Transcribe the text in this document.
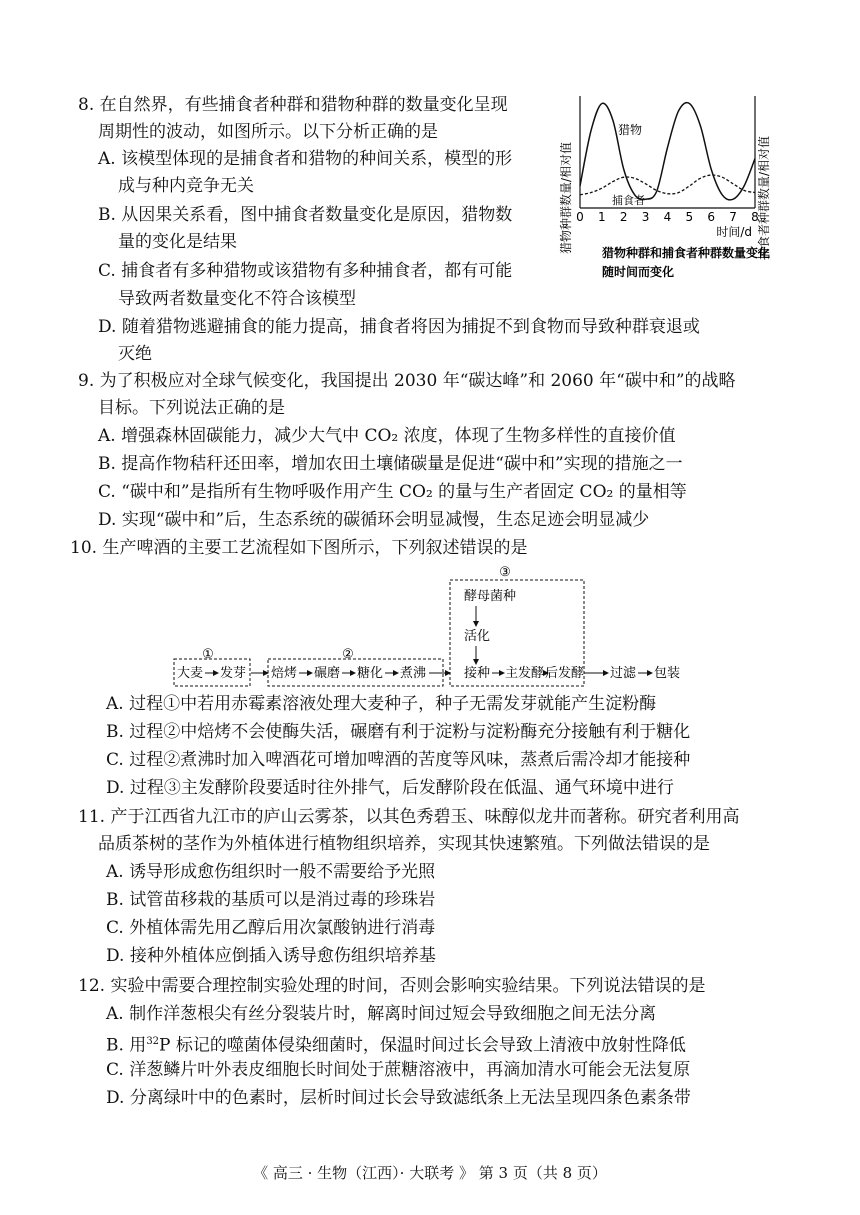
8. 在自然界，有些捕食者种群和猎物种群的数量变化呈现
周期性的波动，如图所示。以下分析正确的是
A. 该模型体现的是捕食者和猎物的种间关系，模型的形
成与种内竞争无关
B. 从因果关系看，图中捕食者数量变化是原因，猎物数
量的变化是结果
C. 捕食者有多种猎物或该猎物有多种捕食者，都有可能
导致两者数量变化不符合该模型
D. 随着猎物逃避捕食的能力提高，捕食者将因为捕捉不到食物而导致种群衰退或
灭绝
猎物种群数量/相对值	捕食者种群数量/相对值
0 1 2 3 4 5 6 7 8
时间/d
猎物
捕食者
猎物种群和捕食者种群数量变化
随时间而变化
9. 为了积极应对全球气候变化，我国提出 2030 年“碳达峰”和 2060 年“碳中和”的战略
目标。下列说法正确的是
A. 增强森林固碳能力，减少大气中 CO₂ 浓度，体现了生物多样性的直接价值
B. 提高作物秸秆还田率，增加农田土壤储碳量是促进“碳中和”实现的措施之一
C. “碳中和”是指所有生物呼吸作用产生 CO₂ 的量与生产者固定 CO₂ 的量相等
D. 实现“碳中和”后，生态系统的碳循环会明显减慢，生态足迹会明显减少
10. 生产啤酒的主要工艺流程如下图所示，下列叙述错误的是
①	②
③
酵母菌种
活化
大麦 发芽 焙烤 碾磨 糖化 煮沸	接种 主发酵 后发酵 过滤 包装
A. 过程①中若用赤霉素溶液处理大麦种子，种子无需发芽就能产生淀粉酶
B. 过程②中焙烤不会使酶失活，碾磨有利于淀粉与淀粉酶充分接触有利于糖化
C. 过程②煮沸时加入啤酒花可增加啤酒的苦度等风味，蒸煮后需冷却才能接种
D. 过程③主发酵阶段要适时往外排气，后发酵阶段在低温、通气环境中进行
11. 产于江西省九江市的庐山云雾茶，以其色秀碧玉、味醇似龙井而著称。研究者利用高
品质茶树的茎作为外植体进行植物组织培养，实现其快速繁殖。下列做法错误的是
A. 诱导形成愈伤组织时一般不需要给予光照
B. 试管苗移栽的基质可以是消过毒的珍珠岩
C. 外植体需先用乙醇后用次氯酸钠进行消毒
D. 接种外植体应倒插入诱导愈伤组织培养基
12. 实验中需要合理控制实验处理的时间，否则会影响实验结果。下列说法错误的是
A. 制作洋葱根尖有丝分裂装片时，解离时间过短会导致细胞之间无法分离
B. 用$^{32}$P 标记的噬菌体侵染细菌时，保温时间过长会导致上清液中放射性降低
C. 洋葱鳞片叶外表皮细胞长时间处于蔗糖溶液中，再滴加清水可能会无法复原
D. 分离绿叶中的色素时，层析时间过长会导致滤纸条上无法呈现四条色素条带
《 高三 · 生物（江西）· 大联考 》 第 3 页（共 8 页）
